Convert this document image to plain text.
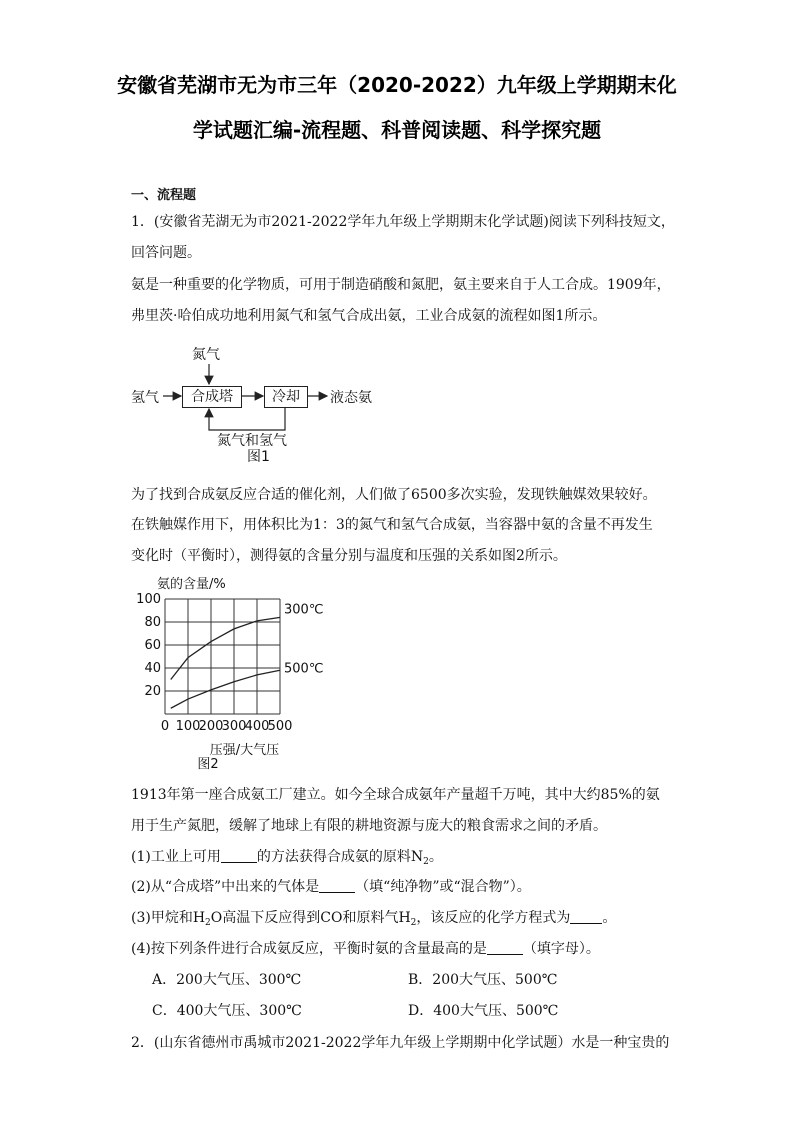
安徽省芜湖市无为市三年（2020-2022）九年级上学期期末化
学试题汇编-流程题、科普阅读题、科学探究题
一、流程题
1．(安徽省芜湖无为市2021-2022学年九年级上学期期末化学试题)阅读下列科技短文，
回答问题。
氨是一种重要的化学物质，可用于制造硝酸和氮肥，氨主要来自于人工合成。1909年，
弗里茨·哈伯成功地利用氮气和氢气合成出氨，工业合成氨的流程如图1所示。
氮气
氢气	合成塔	冷却	液态氨
氮气和氢气
图1
为了找到合成氨反应合适的催化剂，人们做了6500多次实验，发现铁触媒效果较好。
在铁触媒作用下，用体积比为1：3的氮气和氢气合成氨，当容器中氨的含量不再发生
变化时（平衡时），测得氨的含量分别与温度和压强的关系如图2所示。
氨的含量/%
0 100
200
300
400
500
20
40
60
80
100
300℃
500℃
压强/大气压
图2
1913年第一座合成氨工厂建立。如今全球合成氨年产量超千万吨，其中大约85%的氨
用于生产氮肥，缓解了地球上有限的耕地资源与庞大的粮食需求之间的矛盾。
(1)工业上可用	的方法获得合成氨的原料$N_2$。
(2)从“合成塔”中出来的气体是	（填“纯净物”或“混合物”）。
(3)甲烷和$H_2O$高温下反应得到CO和原料气$H_2$，该反应的化学方程式为 。
(4)按下列条件进行合成氨反应，平衡时氨的含量最高的是	（填字母）。
A．200大气压、300℃	B．200大气压、500℃
C．400大气压、300℃	D．400大气压、500℃
2．(山东省德州市禹城市2021-2022学年九年级上学期期中化学试题）水是一种宝贵的
